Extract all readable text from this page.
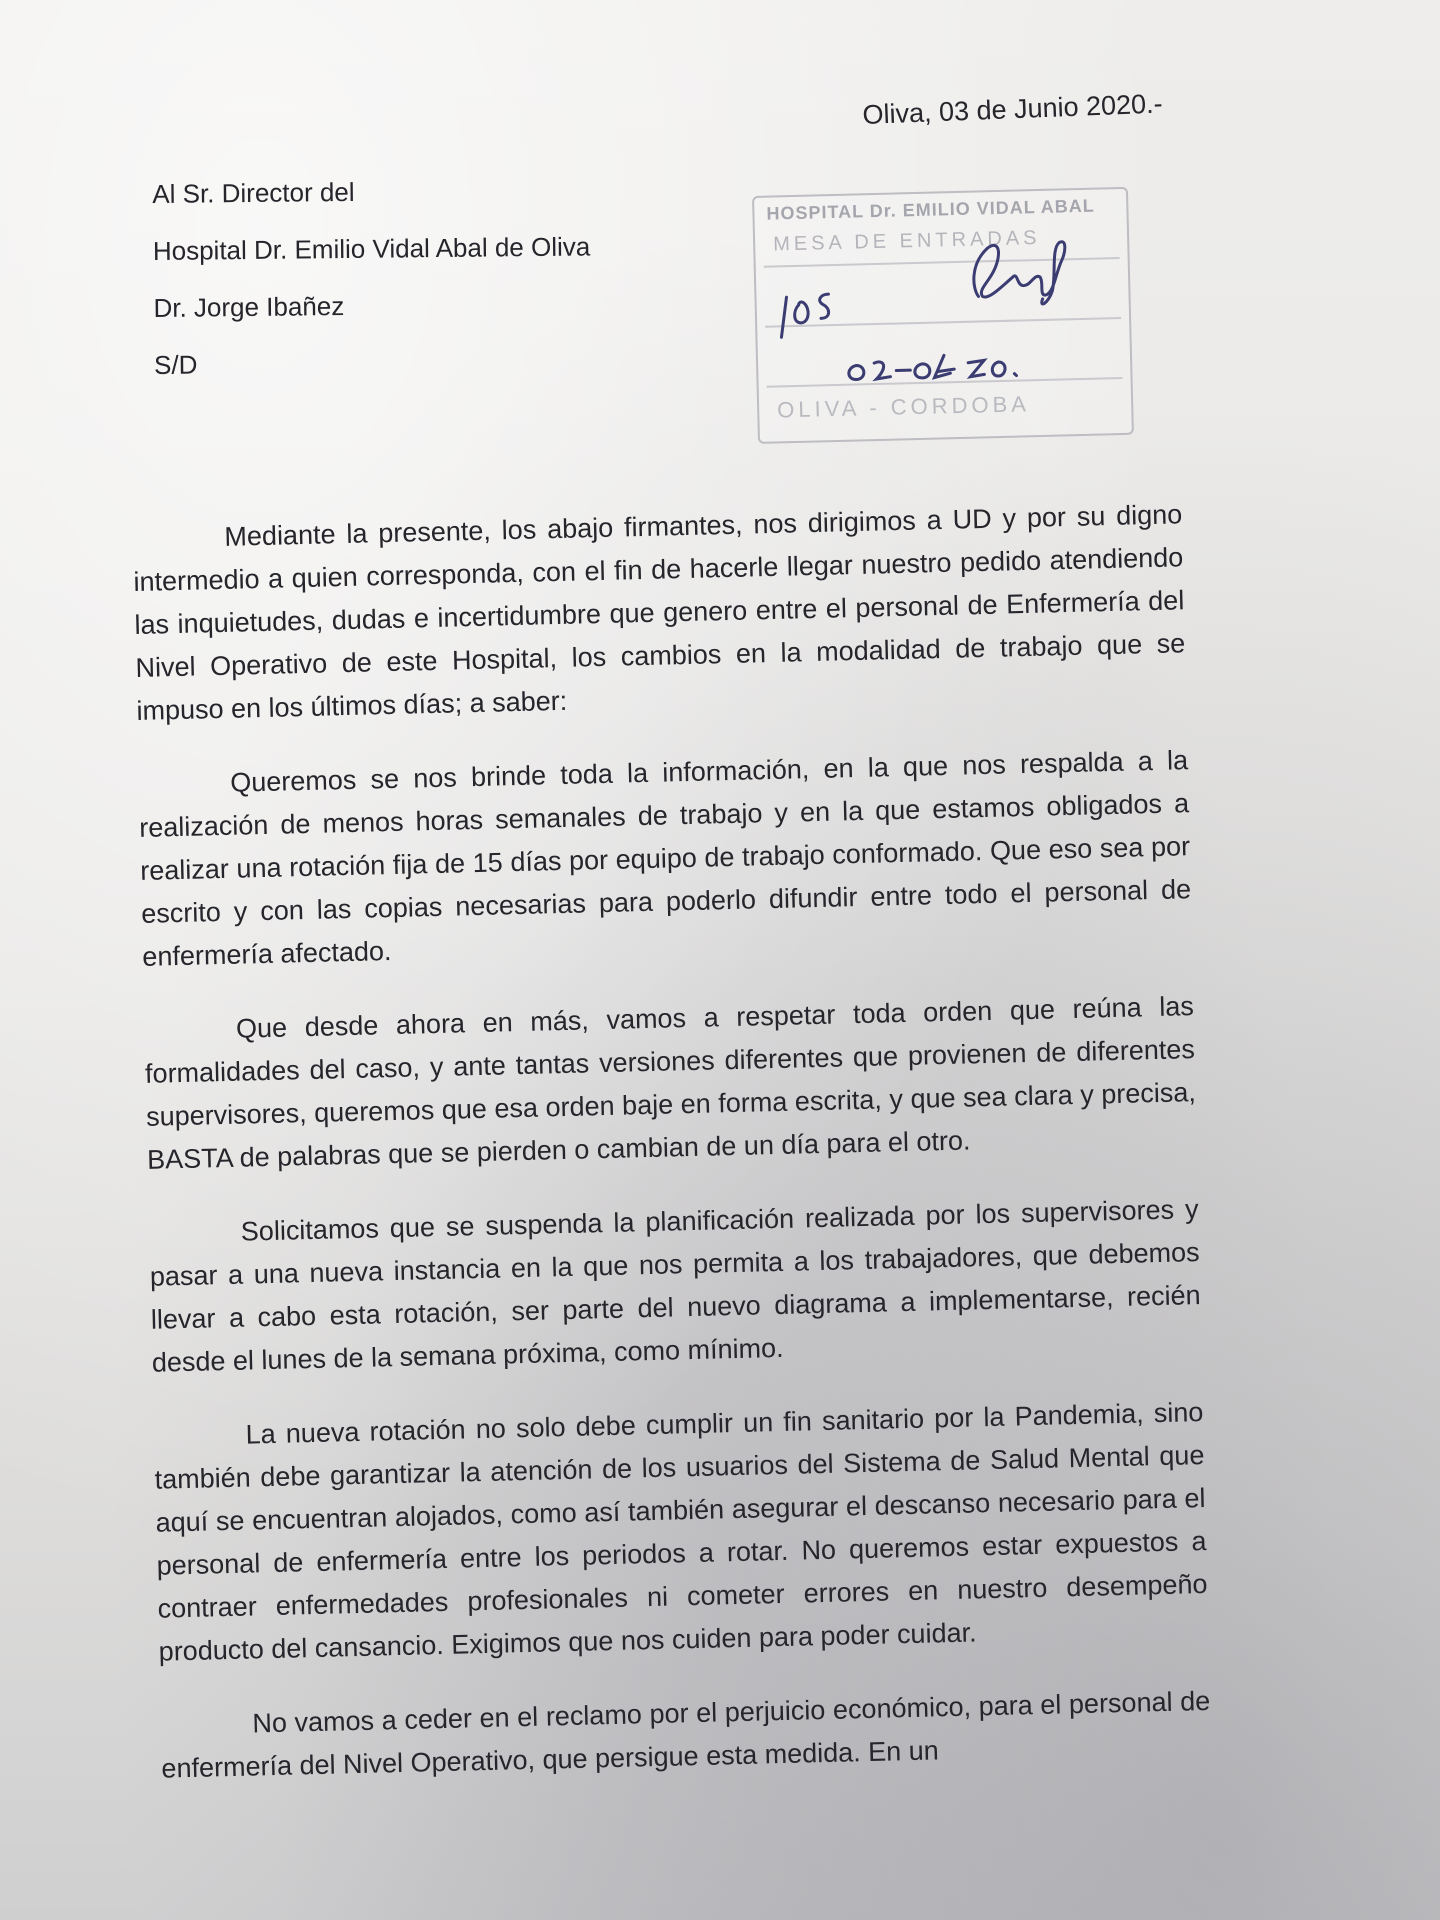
Oliva, 03 de Junio 2020.-
Al Sr. Director del
Hospital Dr. Emilio Vidal Abal de Oliva
Dr. Jorge Ibañez
S/D
HOSPITAL Dr. EMILIO VIDAL ABAL
MESA DE ENTRADAS
OLIVA - CORDOBA

Mediante la presente, los abajo firmantes, nos dirigimos a UD y por su digno intermedio a quien corresponda, con el fin de hacerle llegar nuestro pedido atendiendo las inquietudes, dudas e incertidumbre que genero entre el personal de Enfermería del Nivel Operativo de este Hospital, los cambios en la modalidad de trabajo que se impuso en los últimos días; a saber:

Queremos se nos brinde toda la información, en la que nos respalda a la realización de menos horas semanales de trabajo y en la que estamos obligados a realizar una rotación fija de 15 días por equipo de trabajo conformado. Que eso sea por escrito y con las copias necesarias para poderlo difundir entre todo el personal de enfermería afectado.

Que desde ahora en más, vamos a respetar toda orden que reúna las formalidades del caso, y ante tantas versiones diferentes que provienen de diferentes supervisores, queremos que esa orden baje en forma escrita, y que sea clara y precisa, BASTA de palabras que se pierden o cambian de un día para el otro.

Solicitamos que se suspenda la planificación realizada por los supervisores y pasar a una nueva instancia en la que nos permita a los trabajadores, que debemos llevar a cabo esta rotación, ser parte del nuevo diagrama a implementarse, recién desde el lunes de la semana próxima, como mínimo.

La nueva rotación no solo debe cumplir un fin sanitario por la Pandemia, sino también debe garantizar la atención de los usuarios del Sistema de Salud Mental que aquí se encuentran alojados, como así también asegurar el descanso necesario para el personal de enfermería entre los periodos a rotar. No queremos estar expuestos a contraer enfermedades profesionales ni cometer errores en nuestro desempeño producto del cansancio. Exigimos que nos cuiden para poder cuidar.

No vamos a ceder en el reclamo por el perjuicio económico, para el personal de enfermería del Nivel Operativo, que persigue esta medida. En un
